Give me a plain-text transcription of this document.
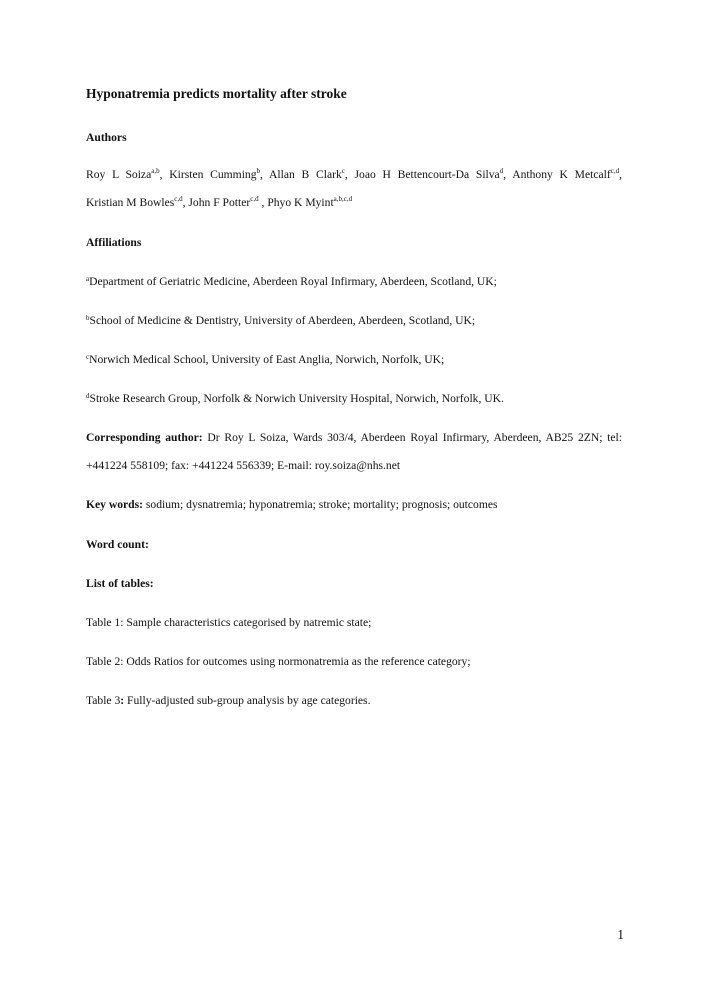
Hyponatremia predicts mortality after stroke
Authors
Roy L Soiza$^{a,b}$, Kirsten Cumming$^b$, Allan B Clark$^c$, Joao H Bettencourt-Da Silva$^d$, Anthony K Metcalf$^{c,d}$,
Kristian M Bowles$^{c,d}$, John F Potter$^{c,d}$ , Phyo K Myint$^{a,b,c,d}$
Affiliations
$^a$Department of Geriatric Medicine, Aberdeen Royal Infirmary, Aberdeen, Scotland, UK;
$^b$School of Medicine & Dentistry, University of Aberdeen, Aberdeen, Scotland, UK;
$^c$Norwich Medical School, University of East Anglia, Norwich, Norfolk, UK;
$^d$Stroke Research Group, Norfolk & Norwich University Hospital, Norwich, Norfolk, UK.
Corresponding author: Dr Roy L Soiza, Wards 303/4, Aberdeen Royal Infirmary, Aberdeen, AB25 2ZN; tel:
+441224 558109; fax: +441224 556339; E-mail: roy.soiza@nhs.net
Key words: sodium; dysnatremia; hyponatremia; stroke; mortality; prognosis; outcomes
Word count:
List of tables:
Table 1: Sample characteristics categorised by natremic state;
Table 2: Odds Ratios for outcomes using normonatremia as the reference category;
Table 3: Fully-adjusted sub-group analysis by age categories.
1
